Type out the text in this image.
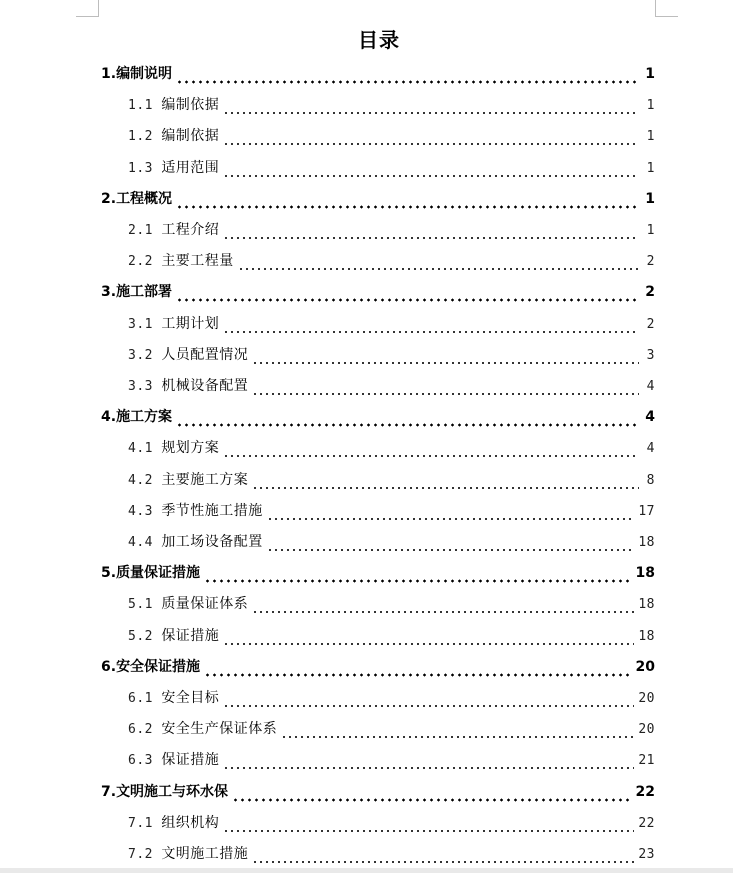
目录
1. 编制说明	1
1.1 编制依据	1
1.2 编制依据	1
1.3 适用范围	1
2. 工程概况	1
2.1 工程介绍	1
2.2 主要工程量	2
3. 施工部署	2
3.1 工期计划	2
3.2 人员配置情况	3
3.3 机械设备配置	4
4. 施工方案	4
4.1 规划方案	4
4.2 主要施工方案	8
4.3 季节性施工措施	17
4.4 加工场设备配置	18
5. 质量保证措施	18
5.1 质量保证体系	18
5.2 保证措施	18
6. 安全保证措施	20
6.1 安全目标	20
6.2 安全生产保证体系	20
6.3 保证措施	21
7. 文明施工与环水保	22
7.1 组织机构	22
7.2 文明施工措施	23
